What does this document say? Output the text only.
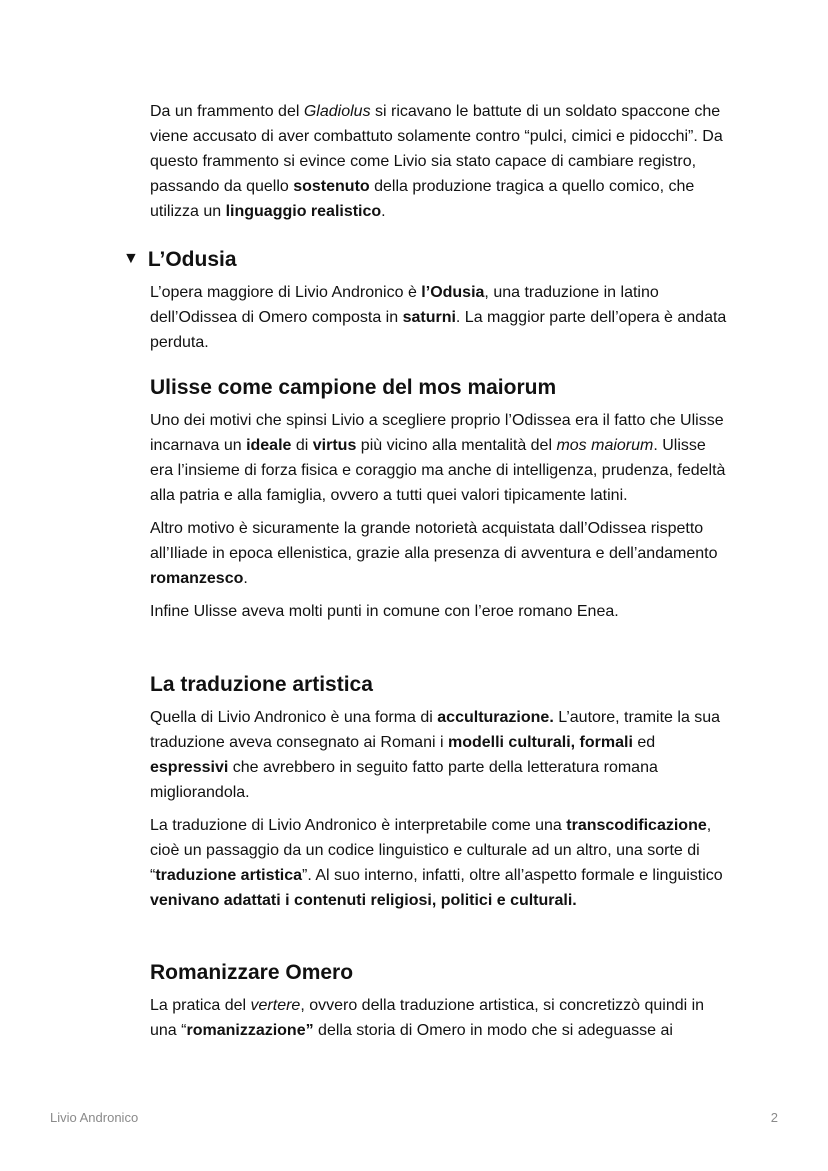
Da un frammento del Gladiolus si ricavano le battute di un soldato spaccone che viene accusato di aver combattuto solamente contro “pulci, cimici e pidocchi”. Da questo frammento si evince come Livio sia stato capace di cambiare registro, passando da quello sostenuto della produzione tragica a quello comico, che utilizza un linguaggio realistico.

▼ L’Odusia

L’opera maggiore di Livio Andronico è l’Odusia, una traduzione in latino dell’Odissea di Omero composta in saturni. La maggior parte dell’opera è andata perduta.

Ulisse come campione del mos maiorum

Uno dei motivi che spinsi Livio a scegliere proprio l’Odissea era il fatto che Ulisse incarnava un ideale di virtus più vicino alla mentalità del mos maiorum. Ulisse era l’insieme di forza fisica e coraggio ma anche di intelligenza, prudenza, fedeltà alla patria e alla famiglia, ovvero a tutti quei valori tipicamente latini.

Altro motivo è sicuramente la grande notorietà acquistata dall’Odissea rispetto all’Iliade in epoca ellenistica, grazie alla presenza di avventura e dell’andamento romanzesco.

Infine Ulisse aveva molti punti in comune con l’eroe romano Enea.

La traduzione artistica

Quella di Livio Andronico è una forma di acculturazione. L’autore, tramite la sua traduzione aveva consegnato ai Romani i modelli culturali, formali ed espressivi che avrebbero in seguito fatto parte della letteratura romana migliorandola.

La traduzione di Livio Andronico è interpretabile come una transcodificazione, cioè un passaggio da un codice linguistico e culturale ad un altro, una sorte di “traduzione artistica”. Al suo interno, infatti, oltre all’aspetto formale e linguistico venivano adattati i contenuti religiosi, politici e culturali.

Romanizzare Omero

La pratica del vertere, ovvero della traduzione artistica, si concretizzò quindi in una “romanizzazione” della storia di Omero in modo che si adeguasse ai

Livio Andronico	2
